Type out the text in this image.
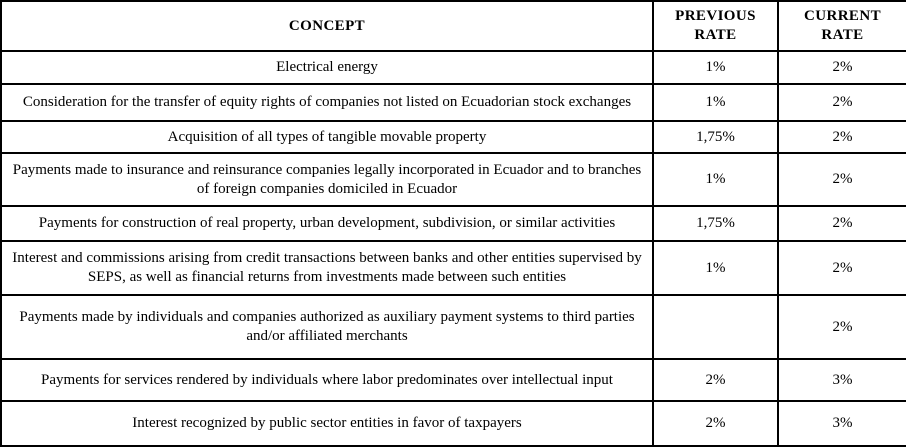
CONCEPT	PREVIOUS RATE	CURRENT RATE
Electrical energy	1%	2%
Consideration for the transfer of equity rights of companies not listed on Ecuadorian stock exchanges	1%	2%
Acquisition of all types of tangible movable property	1,75%	2%
Payments made to insurance and reinsurance companies legally incorporated in Ecuador and to branches of foreign companies domiciled in Ecuador	1%	2%
Payments for construction of real property, urban development, subdivision, or similar activities	1,75%	2%
Interest and commissions arising from credit transactions between banks and other entities supervised by SEPS, as well as financial returns from investments made between such entities	1%	2%
Payments made by individuals and companies authorized as auxiliary payment systems to third parties and/or affiliated merchants		2%
Payments for services rendered by individuals where labor predominates over intellectual input	2%	3%
Interest recognized by public sector entities in favor of taxpayers	2%	3%
